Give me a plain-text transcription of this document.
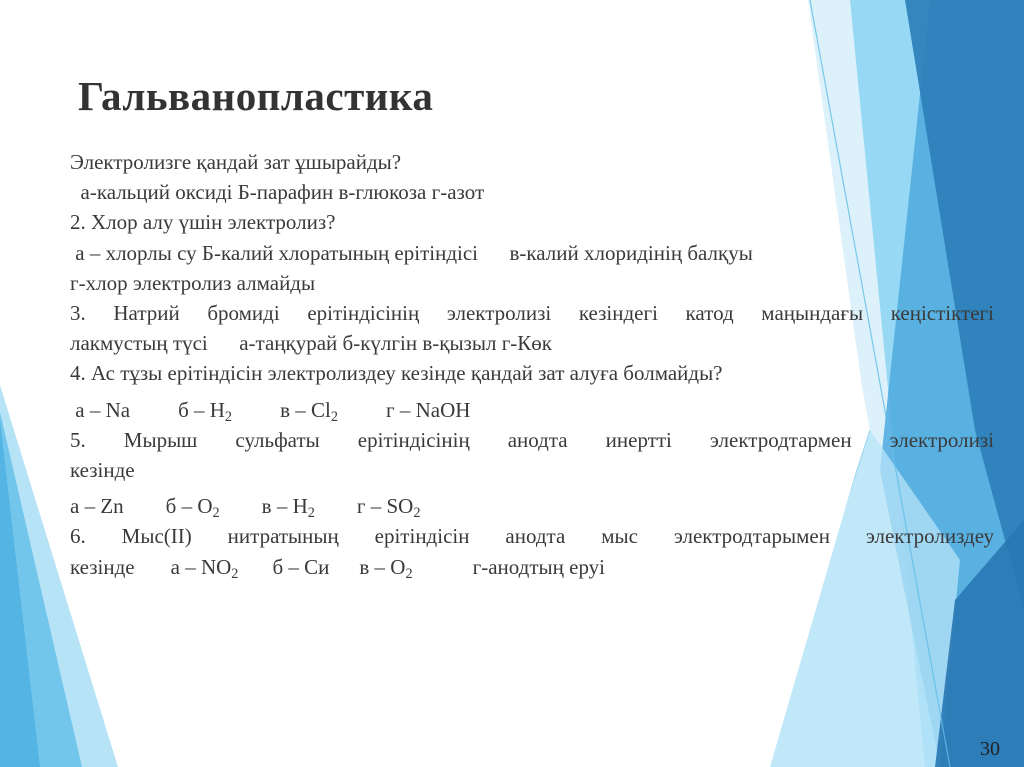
Гальванопластика
Электролизге қандай зат ұшырайды?
а-кальций оксиді Б-парафин в-глюкоза г-азот
2. Хлор алу үшін электролиз?
а – хлорлы су Б-калий хлоратының ерітіндісі      в-калий хлоридінің балқуы
г-хлор электролиз алмайды
3. Натрий бромиді ерітіндісінің электролизі кезіндегі катод маңындағы кеңістіктегі
лакмустың түсі      а-таңқурай б-күлгін в-қызыл г-Көк
4. Ас тұзы ерітіндісін электролиздеу кезінде қандай зат алуға болмайды?
а – Na б – $H_2$ в – $Cl_2$ г – NaOH
5. Мырыш сульфаты ерітіндісінің анодта инертті электродтармен электролизі
кезінде
а – Zn б – $O_2$ в – $H_2$ г – $SO_2$
6. Мыс(II) нитратының ерітіндісін анодта мыс электродтарымен электролиздеу
кезінде а – $NO_2$ б – Cи в – $O_2$	г-анодтың еруі
30
